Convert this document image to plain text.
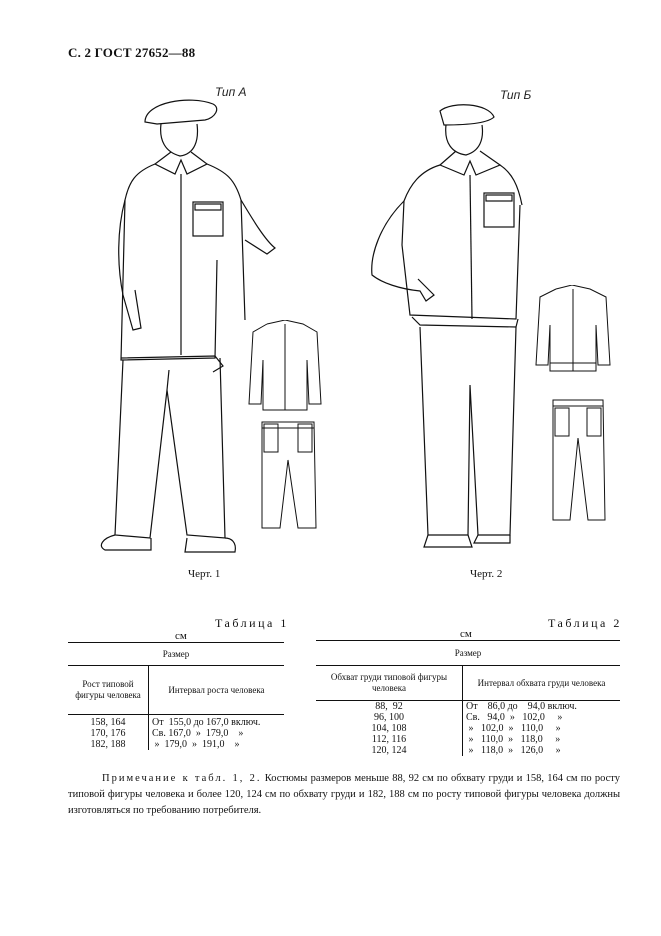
С. 2 ГОСТ 27652—88
Тип А	Тип Б
Черт. 1	Черт. 2
Таблица 1
см
Размер	
Рост типовой фигуры человека	Интервал роста человека
158, 164	От  155,0 до 167,0 включ.
170, 176	Св. 167,0  »  179,0    »
182, 188	»  179,0  »  191,0    »
Таблица 2
см
Размер	
Обхват груди типовой фигуры человека	Интервал обхвата груди человека
88,  92	От    86,0 до    94,0 включ.
96, 100	Св.   94,0  »   102,0     »
104, 108	»   102,0  »   110,0     »
112, 116	»   110,0  »   118,0     »
120, 124	»   118,0  »   126,0     »
Примечание к табл. 1, 2. Костюмы размеров меньше 88, 92 см по обхвату груди и 158, 164 см по росту типовой фигуры человека и более 120, 124 см по обхвату груди и 182, 188 см по росту типовой фигуры человека должны изготовляться по требованию потребителя.
